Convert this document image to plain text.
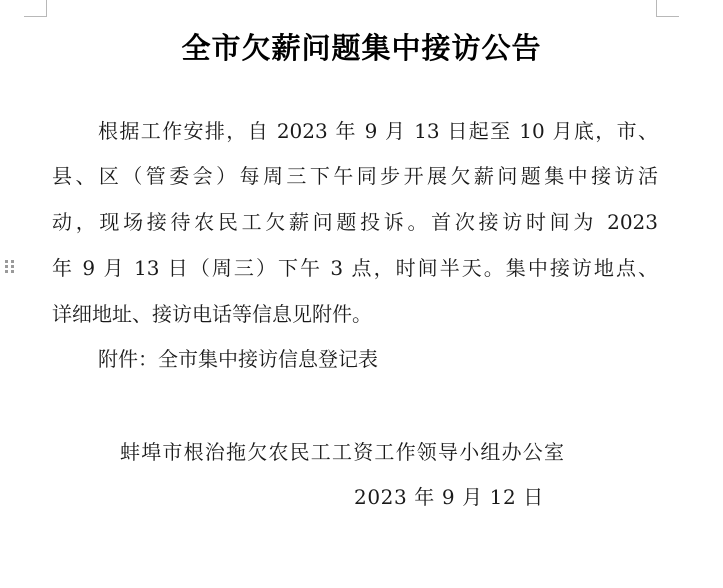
全市欠薪问题集中接访公告
根据工作安排，自 2023 年 9 月 13 日起至 10 月底，市、
县、区（管委会）每周三下午同步开展欠薪问题集中接访活
动，现场接待农民工欠薪问题投诉。首次接访时间为 2023
年 9 月 13 日（周三）下午 3 点，时间半天。集中接访地点、
详细地址、接访电话等信息见附件。
附件：全市集中接访信息登记表
蚌埠市根治拖欠农民工工资工作领导小组办公室
2023 年 9 月 12 日
